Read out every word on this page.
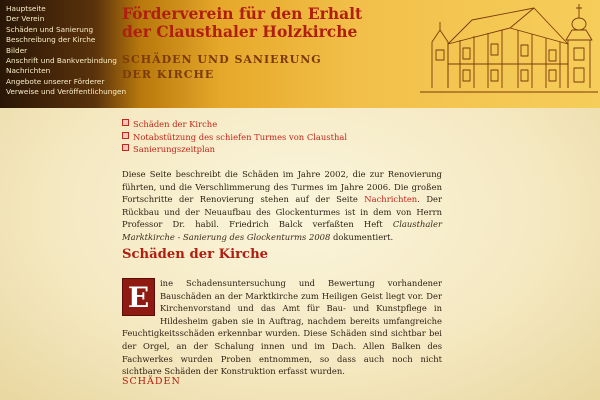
Hauptseite
Der Verein
Schäden und Sanierung
Beschreibung der Kirche
Bilder
Anschrift und Bankverbindung
Nachrichten
Angebote unserer Förderer
Verweise und Veröffentlichungen
Förderverein für den Erhalt
der Clausthaler Holzkirche
SCHÄDEN UND SANIERUNG
DER KIRCHE
Schäden der Kirche
Notabstützung des schiefen Turmes von Clausthal
Sanierungszeitplan
Diese Seite beschreibt die Schäden im Jahre 2002, die zur Renovierung führten, und die Verschlimmerung des Turmes im Jahre 2006. Die großen Fortschritte der Renovierung stehen auf der Seite Nachrichten. Der Rückbau und der Neuaufbau des Glockenturmes ist in dem von Herrn Professor Dr. habil. Friedrich Balck verfaßten Heft Clausthaler Marktkirche - Sanierung des Glockenturms 2008 dokumentiert.
Schäden der Kirche
E	ine Schadensuntersuchung und Bewertung vorhandener Bauschäden an der Marktkirche zum Heiligen Geist liegt vor. Der Kirchenvorstand und das Amt für Bau- und Kunstpflege in Hildesheim gaben sie in Auftrag, nachdem bereits umfangreiche Feuchtigkeitsschäden erkennbar wurden. Diese Schäden sind sichtbar bei der Orgel, an der Schalung innen und im Dach. Allen Balken des Fachwerkes wurden Proben entnommen, so dass auch noch nicht sichtbare Schäden der Konstruktion erfasst wurden.
SCHÄDEN
